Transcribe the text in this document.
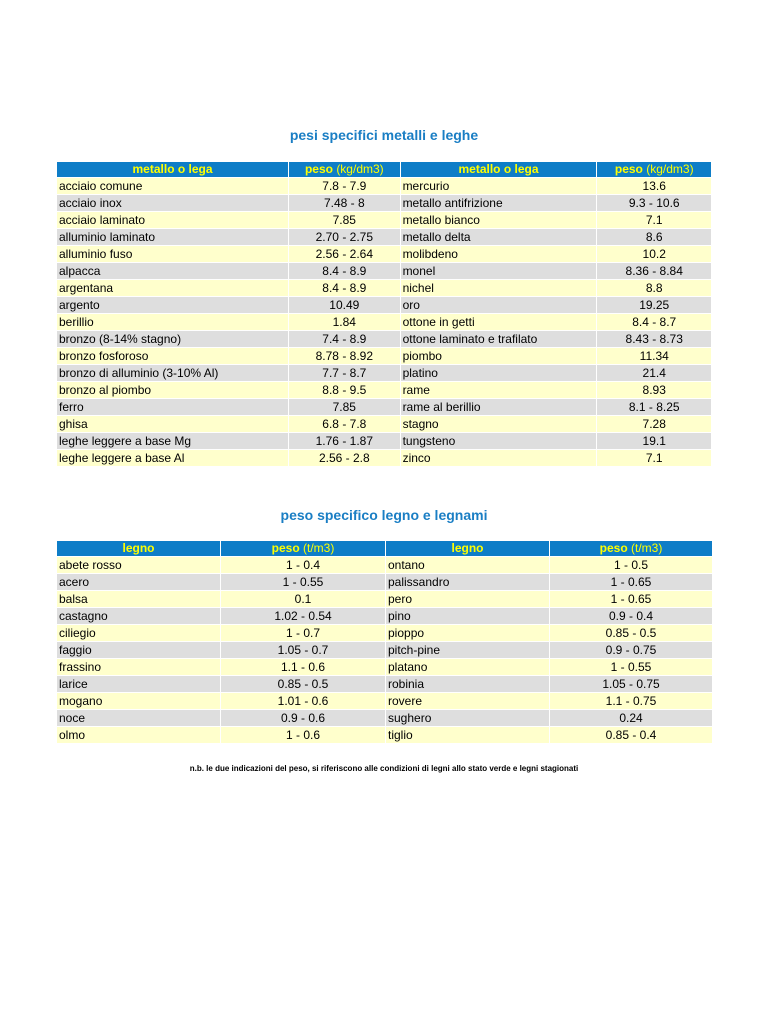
pesi specifici metalli e leghe
metallo o lega	peso (kg/dm3)	metallo o lega	peso (kg/dm3)
acciaio comune	7.8 - 7.9	mercurio	13.6
acciaio inox	7.48 - 8	metallo antifrizione	9.3 - 10.6
acciaio laminato	7.85	metallo bianco	7.1
alluminio laminato	2.70 - 2.75	metallo delta	8.6
alluminio fuso	2.56 - 2.64	molibdeno	10.2
alpacca	8.4 - 8.9	monel	8.36 - 8.84
argentana	8.4 - 8.9	nichel	8.8
argento	10.49	oro	19.25
berillio	1.84	ottone in getti	8.4 - 8.7
bronzo (8-14% stagno)	7.4 - 8.9	ottone laminato e trafilato	8.43 - 8.73
bronzo fosforoso	8.78 - 8.92	piombo	11.34
bronzo di alluminio (3-10% Al)	7.7 - 8.7	platino	21.4
bronzo al piombo	8.8 - 9.5	rame	8.93
ferro	7.85	rame al berillio	8.1 - 8.25
ghisa	6.8 - 7.8	stagno	7.28
leghe leggere a base Mg	1.76 - 1.87	tungsteno	19.1
leghe leggere a base Al	2.56 - 2.8	zinco	7.1
peso specifico legno e legnami
legno	peso (t/m3)	legno	peso (t/m3)
abete rosso	1 - 0.4	ontano	1 - 0.5
acero	1 - 0.55	palissandro	1 - 0.65
balsa	0.1	pero	1 - 0.65
castagno	1.02 - 0.54	pino	0.9 - 0.4
ciliegio	1 - 0.7	pioppo	0.85 - 0.5
faggio	1.05 - 0.7	pitch-pine	0.9 - 0.75
frassino	1.1 - 0.6	platano	1 - 0.55
larice	0.85 - 0.5	robinia	1.05 - 0.75
mogano	1.01 - 0.6	rovere	1.1 - 0.75
noce	0.9 - 0.6	sughero	0.24
olmo	1 - 0.6	tiglio	0.85 - 0.4

n.b. le due indicazioni del peso, si riferiscono alle condizioni di legni allo stato verde e legni stagionati
